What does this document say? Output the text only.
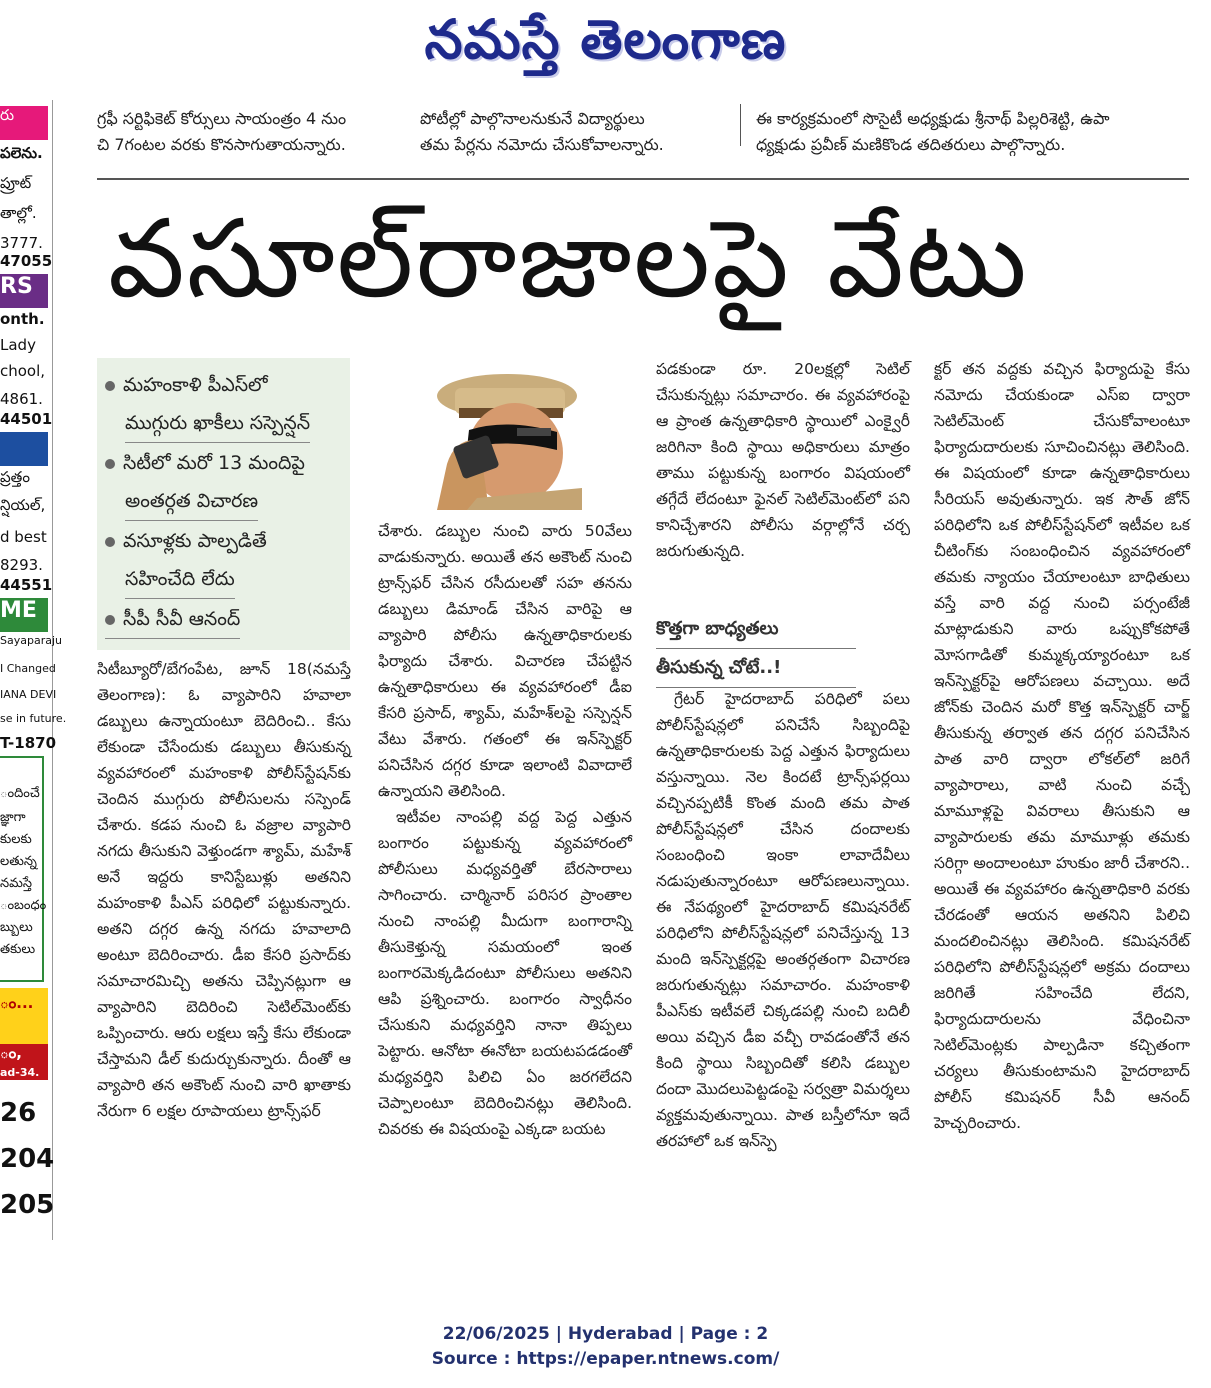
నమస్తే తెలంగాణ
రు
పలెను.
ప్రూట్
తాల్లో.
3777.
47055
RS
onth.
Lady
chool,
4861.
44501
ప్రత్తం
న్షియల్,
d best
8293.
44551
ME
Sayaparaju
I Changed
IANA DEVI
se in future.
T-1870
ందించే
జ్ఞాగా
కులకు
లతున్న
నమస్తే
ంబంధం
బ్బులు
తకులు
ం...
ం,
ad-34.
26
204
205
గ్రఫీ సర్టిఫికెట్ కోర్సులు సాయంత్రం 4 నుం
చి 7గంటల వరకు కొనసాగుతాయన్నారు.
పోటీల్లో పాల్గొనాలనుకునే విద్యార్థులు
తమ పేర్లను నమోదు చేసుకోవాలన్నారు.
ఈ కార్యక్రమంలో సొసైటీ అధ్యక్షుడు శ్రీనాథ్ పిల్లరిశెట్టి, ఉపా
ధ్యక్షుడు ప్రవీణ్ మణికొండ తదితరులు పాల్గొన్నారు.
వసూల్‌రాజాలపై వేటు
మహంకాళి పీఎస్‌లో
ముగ్గురు ఖాకీలు సస్పెన్షన్
సిటీలో మరో 13 మందిపై
అంతర్గత విచారణ
వసూళ్లకు పాల్పడితే
సహించేది లేదు
సీపీ సీవీ ఆనంద్

సిటీబ్యూరో/బేగంపేట, జూన్ 18(నమస్తే తెలంగాణ): ఓ వ్యాపారిని హవాలా డబ్బులు ఉన్నాయంటూ బెదిరించి.. కేసు లేకుండా చేసేందుకు డబ్బులు తీసుకున్న వ్యవహారంలో మహంకాళి పోలీస్‌స్టేషన్‌కు చెందిన ముగ్గురు పోలీసులను సస్పెండ్ చేశారు. కడప నుంచి ఓ వజ్రాల వ్యాపారి నగదు తీసుకుని వెళ్తుండగా శ్యామ్, మహేశ్ అనే ఇద్దరు కానిస్టేబుళ్లు అతనిని మహంకాళి పీఎస్ పరిధిలో పట్టుకున్నారు. అతని దగ్గర ఉన్న నగదు హవాలాది అంటూ బెదిరించారు. డీఐ కేసరి ప్రసాద్‌కు సమాచారమిచ్చి అతను చెప్పినట్లుగా ఆ వ్యాపారిని బెదిరించి సెటిల్‌మెంట్‌కు ఒప్పించారు. ఆరు లక్షలు ఇస్తే కేసు లేకుండా చేస్తామని డీల్ కుదుర్చుకున్నారు. దీంతో ఆ వ్యాపారి తన అకౌంట్ నుంచి వారి ఖాతాకు నేరుగా 6 లక్షల రూపాయలు ట్రాన్స్‌ఫర్

చేశారు. డబ్బుల నుంచి వారు 50వేలు వాడుకున్నారు. అయితే తన అకౌంట్ నుంచి ట్రాన్స్‌ఫర్ చేసిన రసీదులతో సహ తనను డబ్బులు డిమాండ్ చేసిన వారిపై ఆ వ్యాపారి పోలీసు ఉన్నతాధికారులకు ఫిర్యాదు చేశారు. విచారణ చేపట్టిన ఉన్నతాధికారులు ఈ వ్యవహారంలో డీఐ కేసరి ప్రసాద్, శ్యామ్, మహేశ్‌లపై సస్పెన్షన్ వేటు వేశారు. గతంలో ఈ ఇన్‌స్పెక్టర్ పనిచేసిన దగ్గర కూడా ఇలాంటి వివాదాలే ఉన్నాయని తెలిసింది.

ఇటీవల నాంపల్లి వద్ద పెద్ద ఎత్తున బంగారం పట్టుకున్న వ్యవహారంలో పోలీసులు మధ్యవర్తితో బేరసారాలు సాగించారు. చార్మినార్ పరిసర ప్రాంతాల నుంచి నాంపల్లి మీదుగా బంగారాన్ని తీసుకెళ్తున్న సమయంలో ఇంత బంగారమెక్కడిదంటూ పోలీసులు అతనిని ఆపి ప్రశ్నించారు. బంగారం స్వాధీనం చేసుకుని మధ్యవర్తిని నానా తిప్పలు పెట్టారు. ఆనోటా ఈనోటా బయటపడడంతో మధ్యవర్తిని పిలిచి ఏం జరగలేదని చెప్పాలంటూ బెదిరించినట్లు తెలిసింది. చివరకు ఈ విషయంపై ఎక్కడా బయట

పడకుండా రూ. 20లక్షల్లో సెటిల్ చేసుకున్నట్లు సమాచారం. ఈ వ్యవహారంపై ఆ ప్రాంత ఉన్నతాధికారి స్థాయిలో ఎంక్వైరీ జరిగినా కింది స్థాయి అధికారులు మాత్రం తాము పట్టుకున్న బంగారం విషయంలో తగ్గేదే లేదంటూ ఫైనల్ సెటిల్‌మెంట్‌లో పని కానిచ్చేశారని పోలీసు వర్గాల్లోనే చర్చ జరుగుతున్నది.

కొత్తగా బాధ్యతలు
తీసుకున్న చోటే..!

గ్రేటర్ హైదరాబాద్ పరిధిలో పలు పోలీస్‌స్టేషన్లలో పనిచేసే సిబ్బందిపై ఉన్నతాధికారులకు పెద్ద ఎత్తున ఫిర్యాదులు వస్తున్నాయి. నెల కిందటే ట్రాన్స్‌ఫర్లయి వచ్చినప్పటికీ కొంత మంది తమ పాత పోలీస్‌స్టేషన్లలో చేసిన దందాలకు సంబంధించి ఇంకా లావాదేవీలు నడుపుతున్నారంటూ ఆరోపణలున్నాయి. ఈ నేపథ్యంలో హైదరాబాద్ కమిషనరేట్ పరిధిలోని పోలీస్‌స్టేషన్లలో పనిచేస్తున్న 13 మంది ఇన్‌స్పెక్టర్లపై అంతర్గతంగా విచారణ జరుగుతున్నట్లు సమాచారం. మహంకాళి పీఎస్‌కు ఇటీవలే చిక్కడపల్లి నుంచి బదిలీ అయి వచ్చిన డీఐ వచ్చీ రావడంతోనే తన కింది స్థాయి సిబ్బందితో కలిసి డబ్బుల దందా మొదలుపెట్టడంపై సర్వత్రా విమర్శలు వ్యక్తమవుతున్నాయి. పాత బస్తీలోనూ ఇదే తరహాలో ఒక ఇన్‌స్పె

క్టర్ తన వద్దకు వచ్చిన ఫిర్యాదుపై కేసు నమోదు చేయకుండా ఎస్‌ఐ ద్వారా సెటిల్‌మెంట్ చేసుకోవాలంటూ ఫిర్యాదుదారులకు సూచించినట్లు తెలిసింది. ఈ విషయంలో కూడా ఉన్నతాధికారులు సీరియస్ అవుతున్నారు. ఇక సౌత్ జోన్ పరిధిలోని ఒక పోలీస్‌స్టేషన్‌లో ఇటీవల ఒక చీటింగ్‌కు సంబంధించిన వ్యవహారంలో తమకు న్యాయం చేయాలంటూ బాధితులు వస్తే వారి వద్ద నుంచి పర్సంటేజీ మాట్లాడుకుని వారు ఒప్పుకోకపోతే మోసగాడితో కుమ్మక్కయ్యారంటూ ఒక ఇన్‌స్పెక్టర్‌పై ఆరోపణలు వచ్చాయి. అదే జోన్‌కు చెందిన మరో కొత్త ఇన్‌స్పెక్టర్ చార్జ్ తీసుకున్న తర్వాత తన దగ్గర పనిచేసిన పాత వారి ద్వారా లోకల్‌లో జరిగే వ్యాపారాలు, వాటి నుంచి వచ్చే మామూళ్లపై వివరాలు తీసుకుని ఆ వ్యాపారులకు తమ మామూళ్లు తమకు సరిగ్గా అందాలంటూ హుకుం జారీ చేశారని.. అయితే ఈ వ్యవహారం ఉన్నతాధికారి వరకు చేరడంతో ఆయన అతనిని పిలిచి మందలించినట్లు తెలిసింది. కమిషనరేట్ పరిధిలోని పోలీస్‌స్టేషన్లలో అక్రమ దందాలు జరిగితే సహించేది లేదని, ఫిర్యాదుదారులను వేధించినా సెటిల్‌మెంట్లకు పాల్పడినా కచ్చితంగా చర్యలు తీసుకుంటామని హైదరాబాద్ పోలీస్ కమిషనర్ సీవీ ఆనంద్ హెచ్చరించారు.

22/06/2025 | Hyderabad | Page : 2
Source : https://epaper.ntnews.com/
